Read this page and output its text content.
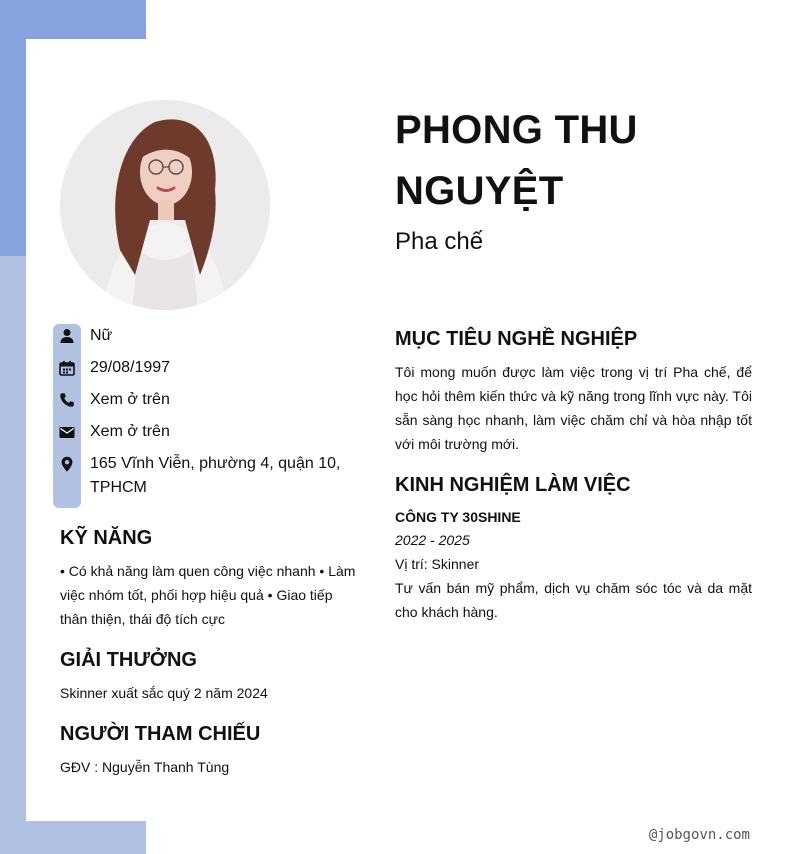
PHONG THU NGUYỆT
Pha chế
Nữ
29/08/1997
Xem ở trên
Xem ở trên
165 Vĩnh Viễn, phường 4, quận 10, TPHCM
KỸ NĂNG
• Có khả năng làm quen công việc nhanh • Làm việc nhóm tốt, phối hợp hiệu quả • Giao tiếp thân thiện, thái độ tích cực
GIẢI THƯỞNG
Skinner xuất sắc quý 2 năm 2024
NGƯỜI THAM CHIẾU
GĐV : Nguyễn Thanh Tùng
MỤC TIÊU NGHỀ NGHIỆP
Tôi mong muốn được làm việc trong vị trí Pha chế, để học hỏi thêm kiến thức và kỹ năng trong lĩnh vực này. Tôi sẵn sàng học nhanh, làm việc chăm chỉ và hòa nhập tốt với môi trường mới.
KINH NGHIỆM LÀM VIỆC
CÔNG TY 30SHINE
2022 - 2025
Vị trí: Skinner
Tư vấn bán mỹ phẩm, dịch vụ chăm sóc tóc và da mặt cho khách hàng.
@jobgovn.com
